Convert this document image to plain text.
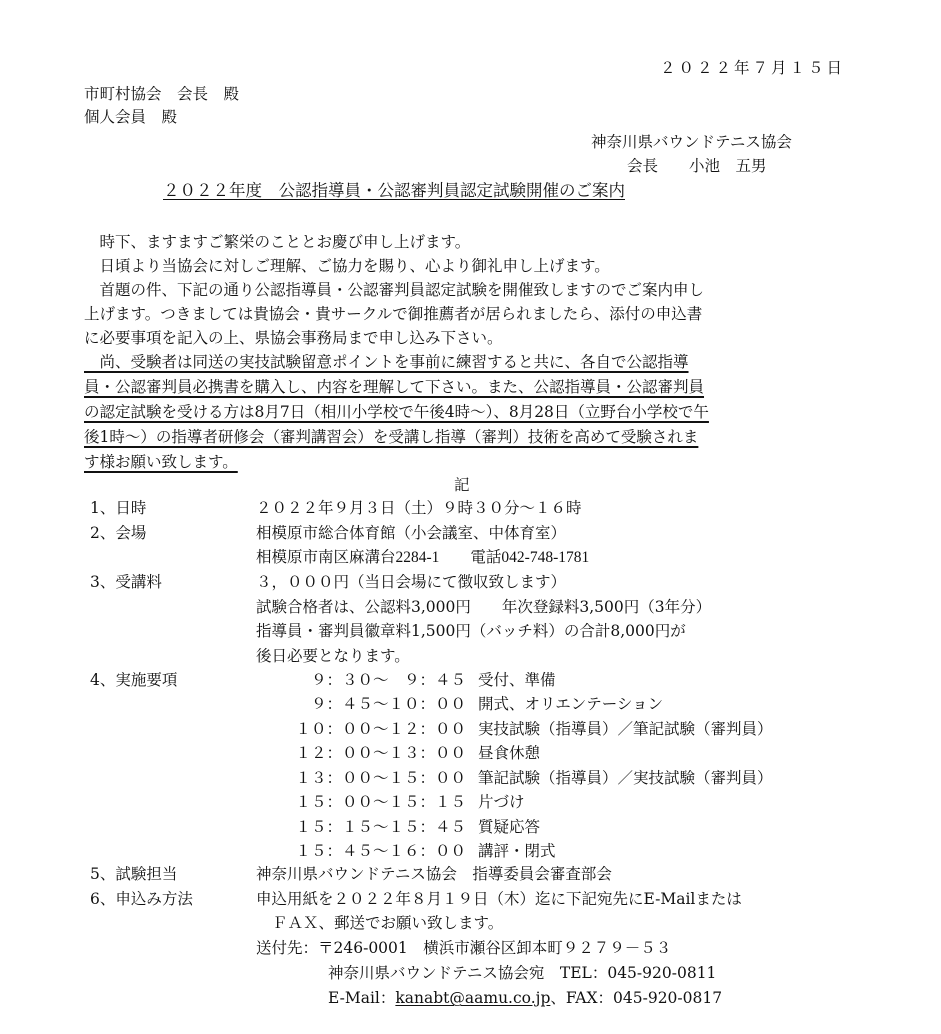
２０２２年７月１５日
市町村協会　会長　殿
個人会員　殿
神奈川県バウンドテニス協会
会長　　小池　五男
２０２２年度　公認指導員・公認審判員認定試験開催のご案内
　時下、ますますご繁栄のこととお慶び申し上げます。
　日頃より当協会に対しご理解、ご協力を賜り、心より御礼申し上げます。
　首題の件、下記の通り公認指導員・公認審判員認定試験を開催致しますのでご案内申し
上げます。つきましては貴協会・貴サークルで御推薦者が居られましたら、添付の申込書
に必要事項を記入の上、県協会事務局まで申し込み下さい。
　尚、受験者は同送の実技試験留意ポイントを事前に練習すると共に、各自で公認指導
員・公認審判員必携書を購入し、内容を理解して下さい。また、公認指導員・公認審判員
の認定試験を受ける方は8月7日（相川小学校で午後4時～）、8月28日（立野台小学校で午
後1時～）の指導者研修会（審判講習会）を受講し指導（審判）技術を高めて受験されま
す様お願い致します。
記
1、日時	２０２２年９月３日（土）９時３０分～１６時
2、会場	相模原市総合体育館（小会議室、中体育室）
相模原市南区麻溝台2284-1　　電話042-748-1781
3、受講料	３，０００円（当日会場にて徴収致します）
試験合格者は、公認料3,000円　　年次登録料3,500円（3年分）
指導員・審判員徽章料1,500円（バッチ料）の合計8,000円が
後日必要となります。
4、実施要項	９：３０～　９：４５ 受付、準備
９：４５～１０：００ 開式、オリエンテーション
１０：００～１２：００ 実技試験（指導員）／筆記試験（審判員）
１２：００～１３：００ 昼食休憩
１３：００～１５：００ 筆記試験（指導員）／実技試験（審判員）
１５：００～１５：１５ 片づけ
１５：１５～１５：４５ 質疑応答
１５：４５～１６：００ 講評・閉式
5、試験担当	神奈川県バウンドテニス協会　指導委員会審査部会
6、申込み方法	申込用紙を２０２２年８月１９日（木）迄に下記宛先にE-Mailまたは
ＦＡＸ、郵送でお願い致します。
送付先：〒246-0001　横浜市瀬谷区卸本町９２７９－５３
神奈川県バウンドテニス協会宛　TEL：045-920-0811
E-Mail：kanabt@aamu.co.jp、FAX：045-920-0817
